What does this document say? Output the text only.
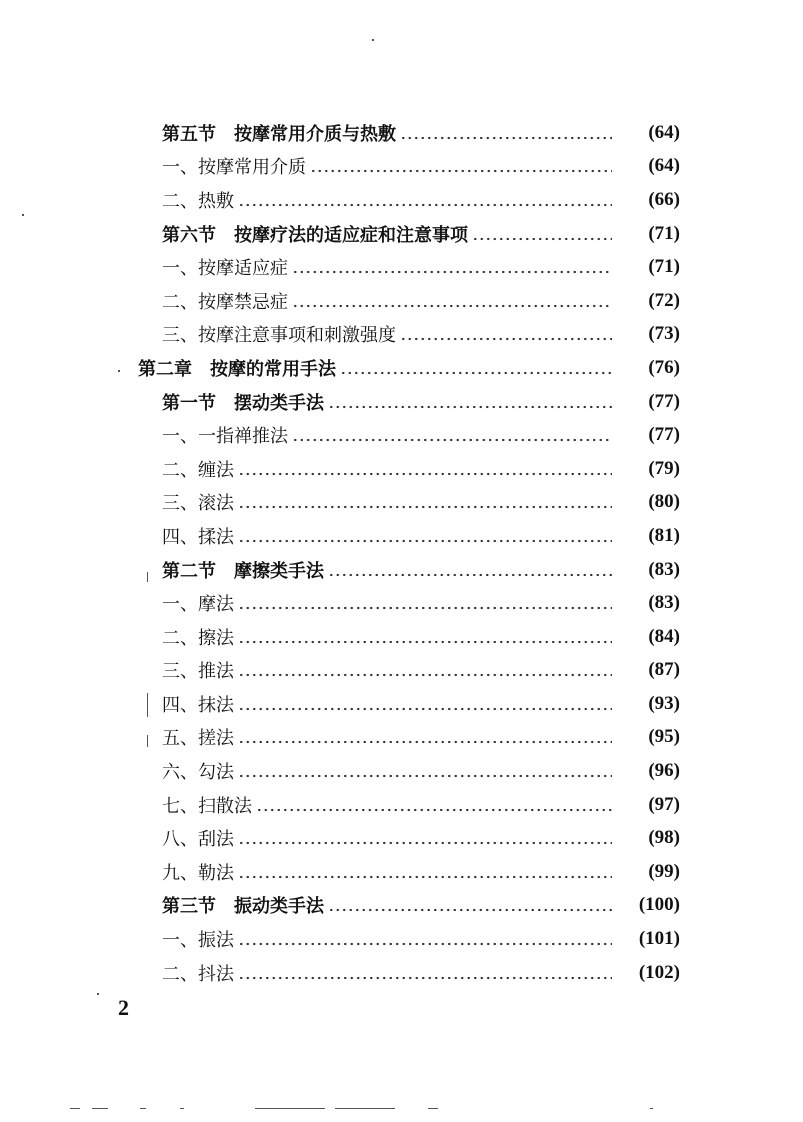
第五节　按摩常用介质与热敷	(64)
一、按摩常用介质	(64)
二、热敷	(66)
第六节　按摩疗法的适应症和注意事项	(71)
一、按摩适应症	(71)
二、按摩禁忌症	(72)
三、按摩注意事项和刺激强度	(73)
第二章　按摩的常用手法	(76)
第一节　摆动类手法	(77)
一、一指禅推法	(77)
二、缠法	(79)
三、滚法	(80)
四、揉法	(81)
第二节　摩擦类手法	(83)
一、摩法	(83)
二、擦法	(84)
三、推法	(87)
四、抹法	(93)
五、搓法	(95)
六、勾法	(96)
七、扫散法	(97)
八、刮法	(98)
九、勒法	(99)
第三节　振动类手法	(100)
一、振法	(101)
二、抖法	(102)
2
